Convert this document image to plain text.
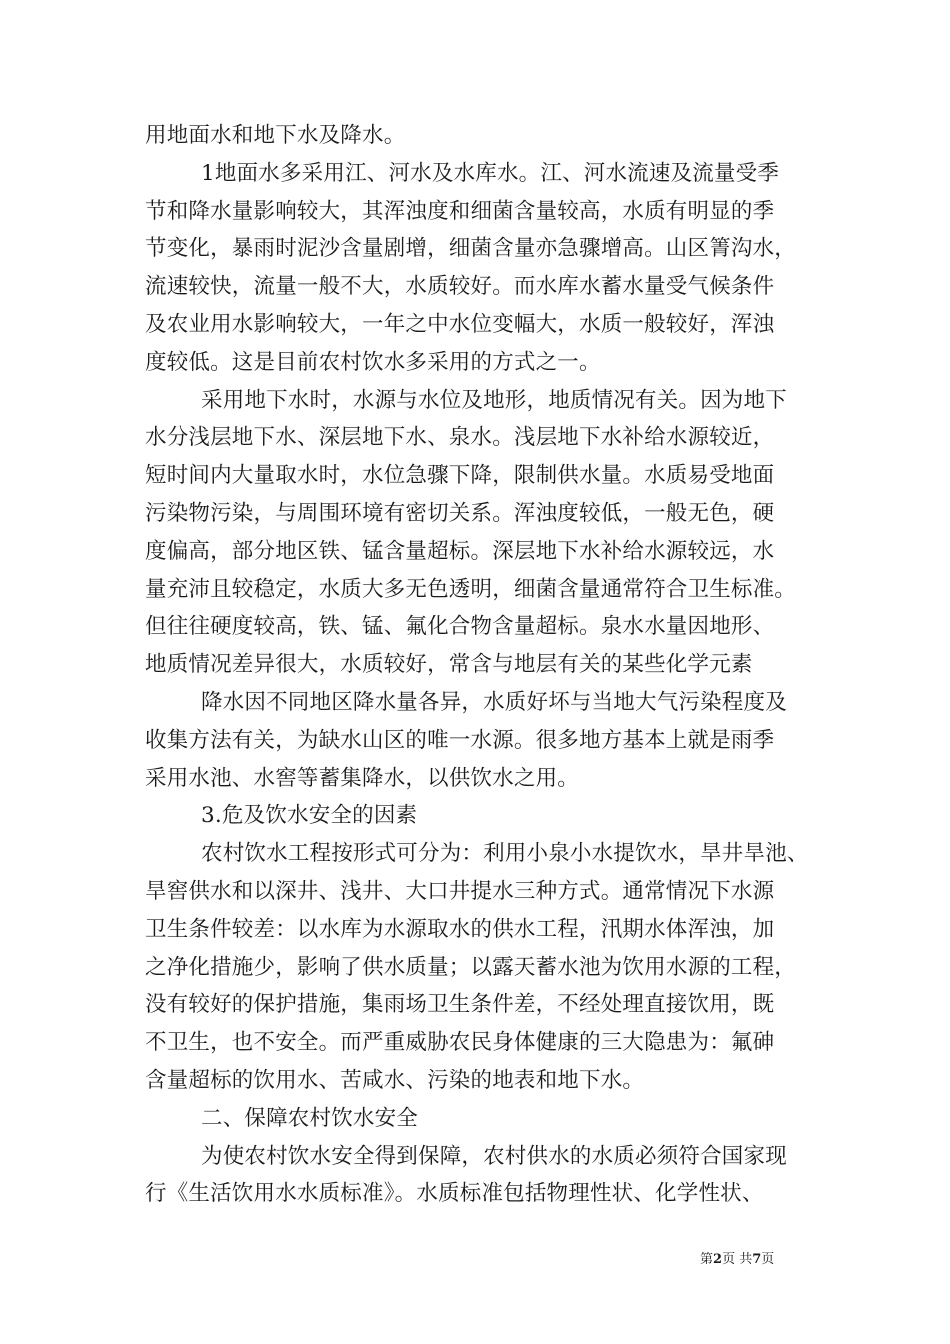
用地面水和地下水及降水。
1地面水多采用江、河水及水库水。江、河水流速及流量受季
节和降水量影响较大，其浑浊度和细菌含量较高，水质有明显的季
节变化，暴雨时泥沙含量剧增，细菌含量亦急骤增高。山区箐沟水，
流速较快，流量一般不大，水质较好。而水库水蓄水量受气候条件
及农业用水影响较大，一年之中水位变幅大，水质一般较好，浑浊
度较低。这是目前农村饮水多采用的方式之一。
采用地下水时，水源与水位及地形，地质情况有关。因为地下
水分浅层地下水、深层地下水、泉水。浅层地下水补给水源较近，
短时间内大量取水时，水位急骤下降，限制供水量。水质易受地面
污染物污染，与周围环境有密切关系。浑浊度较低，一般无色，硬
度偏高，部分地区铁、锰含量超标。深层地下水补给水源较远，水
量充沛且较稳定，水质大多无色透明，细菌含量通常符合卫生标准。
但往往硬度较高，铁、锰、氟化合物含量超标。泉水水量因地形、
地质情况差异很大，水质较好，常含与地层有关的某些化学元素
降水因不同地区降水量各异，水质好坏与当地大气污染程度及
收集方法有关，为缺水山区的唯一水源。很多地方基本上就是雨季
采用水池、水窖等蓄集降水，以供饮水之用。
3.危及饮水安全的因素
农村饮水工程按形式可分为：利用小泉小水提饮水，旱井旱池、
旱窖供水和以深井、浅井、大口井提水三种方式。通常情况下水源
卫生条件较差：以水库为水源取水的供水工程，汛期水体浑浊，加
之净化措施少，影响了供水质量；以露天蓄水池为饮用水源的工程，
没有较好的保护措施，集雨场卫生条件差，不经处理直接饮用，既
不卫生，也不安全。而严重威胁农民身体健康的三大隐患为：氟砷
含量超标的饮用水、苦咸水、污染的地表和地下水。
二、保障农村饮水安全
为使农村饮水安全得到保障，农村供水的水质必须符合国家现
行《生活饮用水水质标准》。水质标准包括物理性状、化学性状、
第2页 共7页
